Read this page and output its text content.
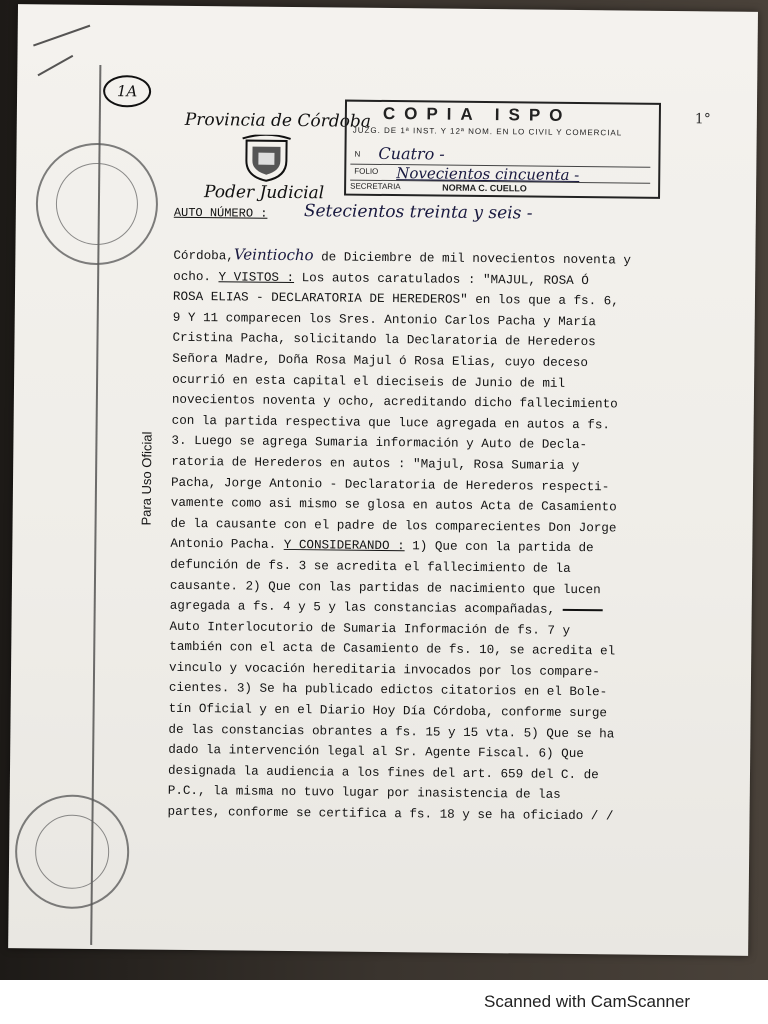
1A
Provincia de Córdoba
Poder Judicial
COPIA ISPO
JUZG. DE 1ª INST. Y 12ª NOM. EN LO CIVIL Y COMERCIAL
N Cuatro -
FOLIO Novecientos cincuenta -
SECRETARIA	NORMA C. CUELLO
1°
AUTO NÚMERO : Setecientos treinta y seis -
Para Uso Oficial
Córdoba,Veintiocho de Diciembre de mil novecientos noventa y
ocho. Y VISTOS : Los autos caratulados : "MAJUL, ROSA Ó
ROSA ELIAS - DECLARATORIA DE HEREDEROS" en los que a fs. 6,
9 Y 11 comparecen los Sres. Antonio Carlos Pacha y María
Cristina Pacha, solicitando la Declaratoria de Herederos
Señora Madre, Doña Rosa Majul ó Rosa Elias, cuyo deceso
ocurrió en esta capital el dieciseis de Junio de mil
novecientos noventa y ocho, acreditando dicho fallecimiento
con la partida respectiva que luce agregada en autos a fs.
3. Luego se agrega Sumaria información y Auto de Decla-
ratoria de Herederos en autos : "Majul, Rosa Sumaria y
Pacha, Jorge Antonio - Declaratoria de Herederos respecti-
vamente como asi mismo se glosa en autos Acta de Casamiento
de la causante con el padre de los comparecientes Don Jorge
Antonio Pacha. Y CONSIDERANDO : 1) Que con la partida de
defunción de fs. 3 se acredita el fallecimiento de la
causante. 2) Que con las partidas de nacimiento que lucen
agregada a fs. 4 y 5 y las constancias acompañadas,
Auto Interlocutorio de Sumaria Información de fs. 7 y
también con el acta de Casamiento de fs. 10, se acredita el
vinculo y vocación hereditaria invocados por los compare-
cientes. 3) Se ha publicado edictos citatorios en el Bole-
tín Oficial y en el Diario Hoy Día Córdoba, conforme surge
de las constancias obrantes a fs. 15 y 15 vta. 5) Que se ha
dado la intervención legal al Sr. Agente Fiscal. 6) Que
designada la audiencia a los fines del art. 659 del C. de
P.C., la misma no tuvo lugar por inasistencia de las
partes, conforme se certifica a fs. 18 y se ha oficiado / /
Scanned with CamScanner
